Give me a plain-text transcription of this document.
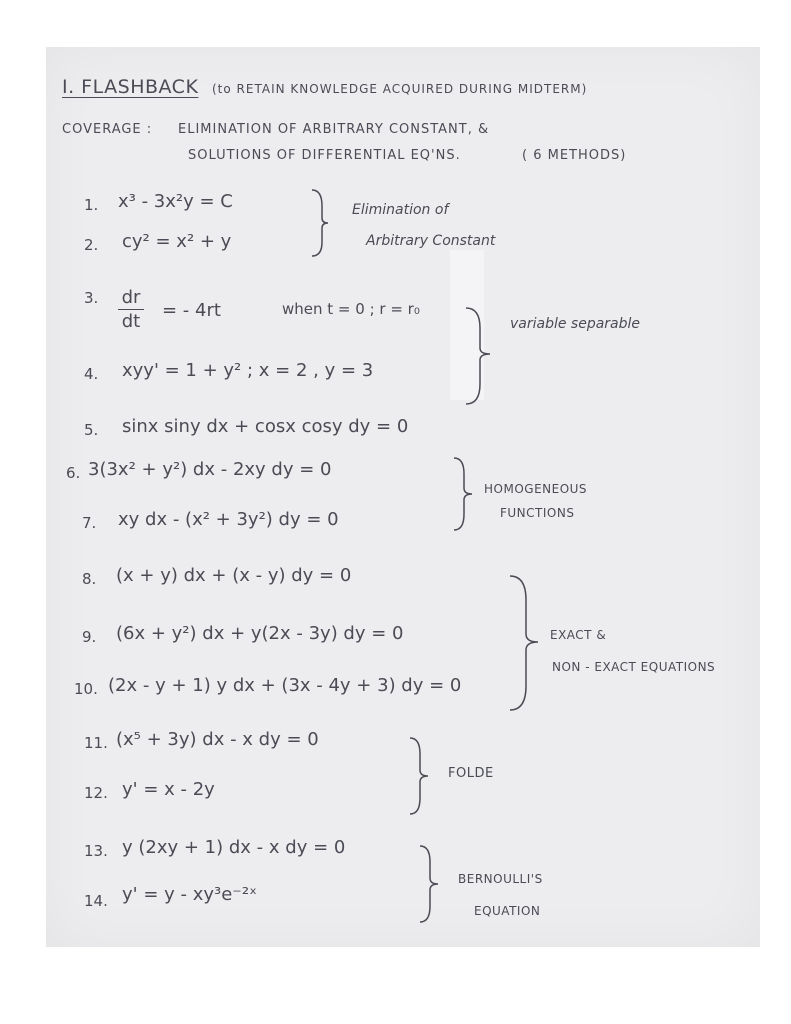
I. FLASHBACK (to RETAIN KNOWLEDGE ACQUIRED DURING MIDTERM)
COVERAGE : ELIMINATION OF ARBITRARY CONSTANT, &
SOLUTIONS OF DIFFERENTIAL EQ'NS.	( 6 METHODS)
1. x³ - 3x²y = C
2. cy² = x² + y
Elimination of
Arbitrary Constant
3. dr
dt
= - 4rt	when t = 0 ; r = r₀
4. xyy' = 1 + y² ; x = 2 , y = 3
5. sinx siny dx + cosx cosy dy = 0
variable separable
6. 3(3x² + y²) dx - 2xy dy = 0
7. xy dx - (x² + 3y²) dy = 0
HOMOGENEOUS
FUNCTIONS
8. (x + y) dx + (x - y) dy = 0
9. (6x + y²) dx + y(2x - 3y) dy = 0
10. (2x - y + 1) y dx + (3x - 4y + 3) dy = 0
EXACT &
NON - EXACT EQUATIONS
11. (x⁵ + 3y) dx - x dy = 0
12. y' = x - 2y
FOLDE
13. y (2xy + 1) dx - x dy = 0
14. y' = y - xy³e⁻²ˣ
BERNOULLI'S
EQUATION
